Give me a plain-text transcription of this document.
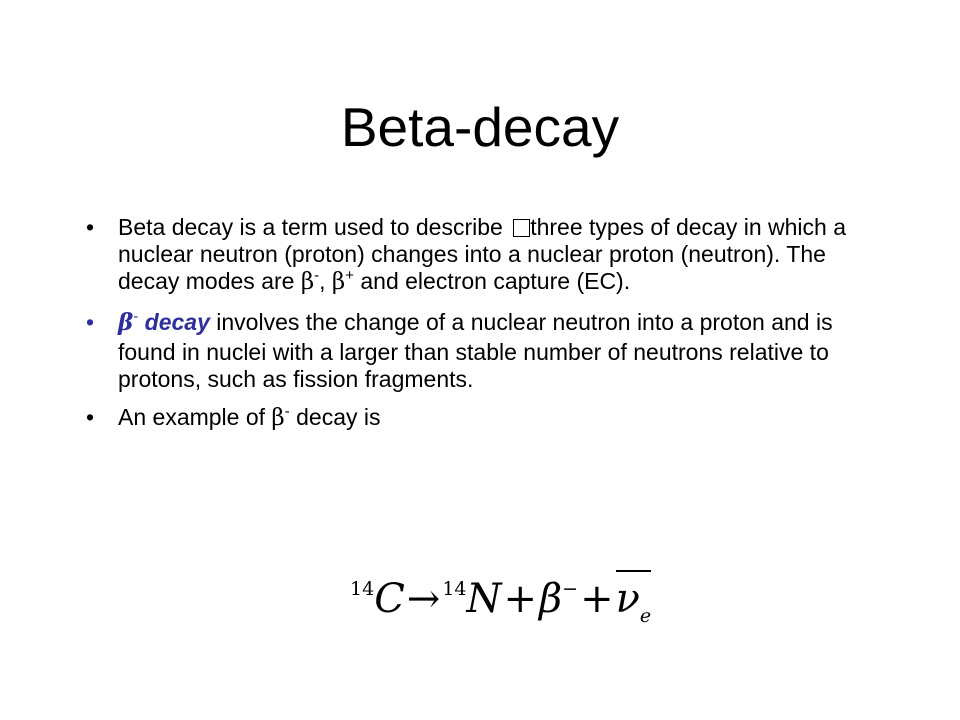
Beta-decay
• Beta decay is a term used to describe three types of decay in which a nuclear neutron (proton) changes into a nuclear proton (neutron). The decay modes are β-, β+ and electron capture (EC).
• β- decay involves the change of a nuclear neutron into a proton and is found in nuclei with a larger than stable number of neutrons relative to protons, such as fission fragments.
• An example of β- decay is
$^{14}C\to ^{14}N+\beta^-+\nu_e$
